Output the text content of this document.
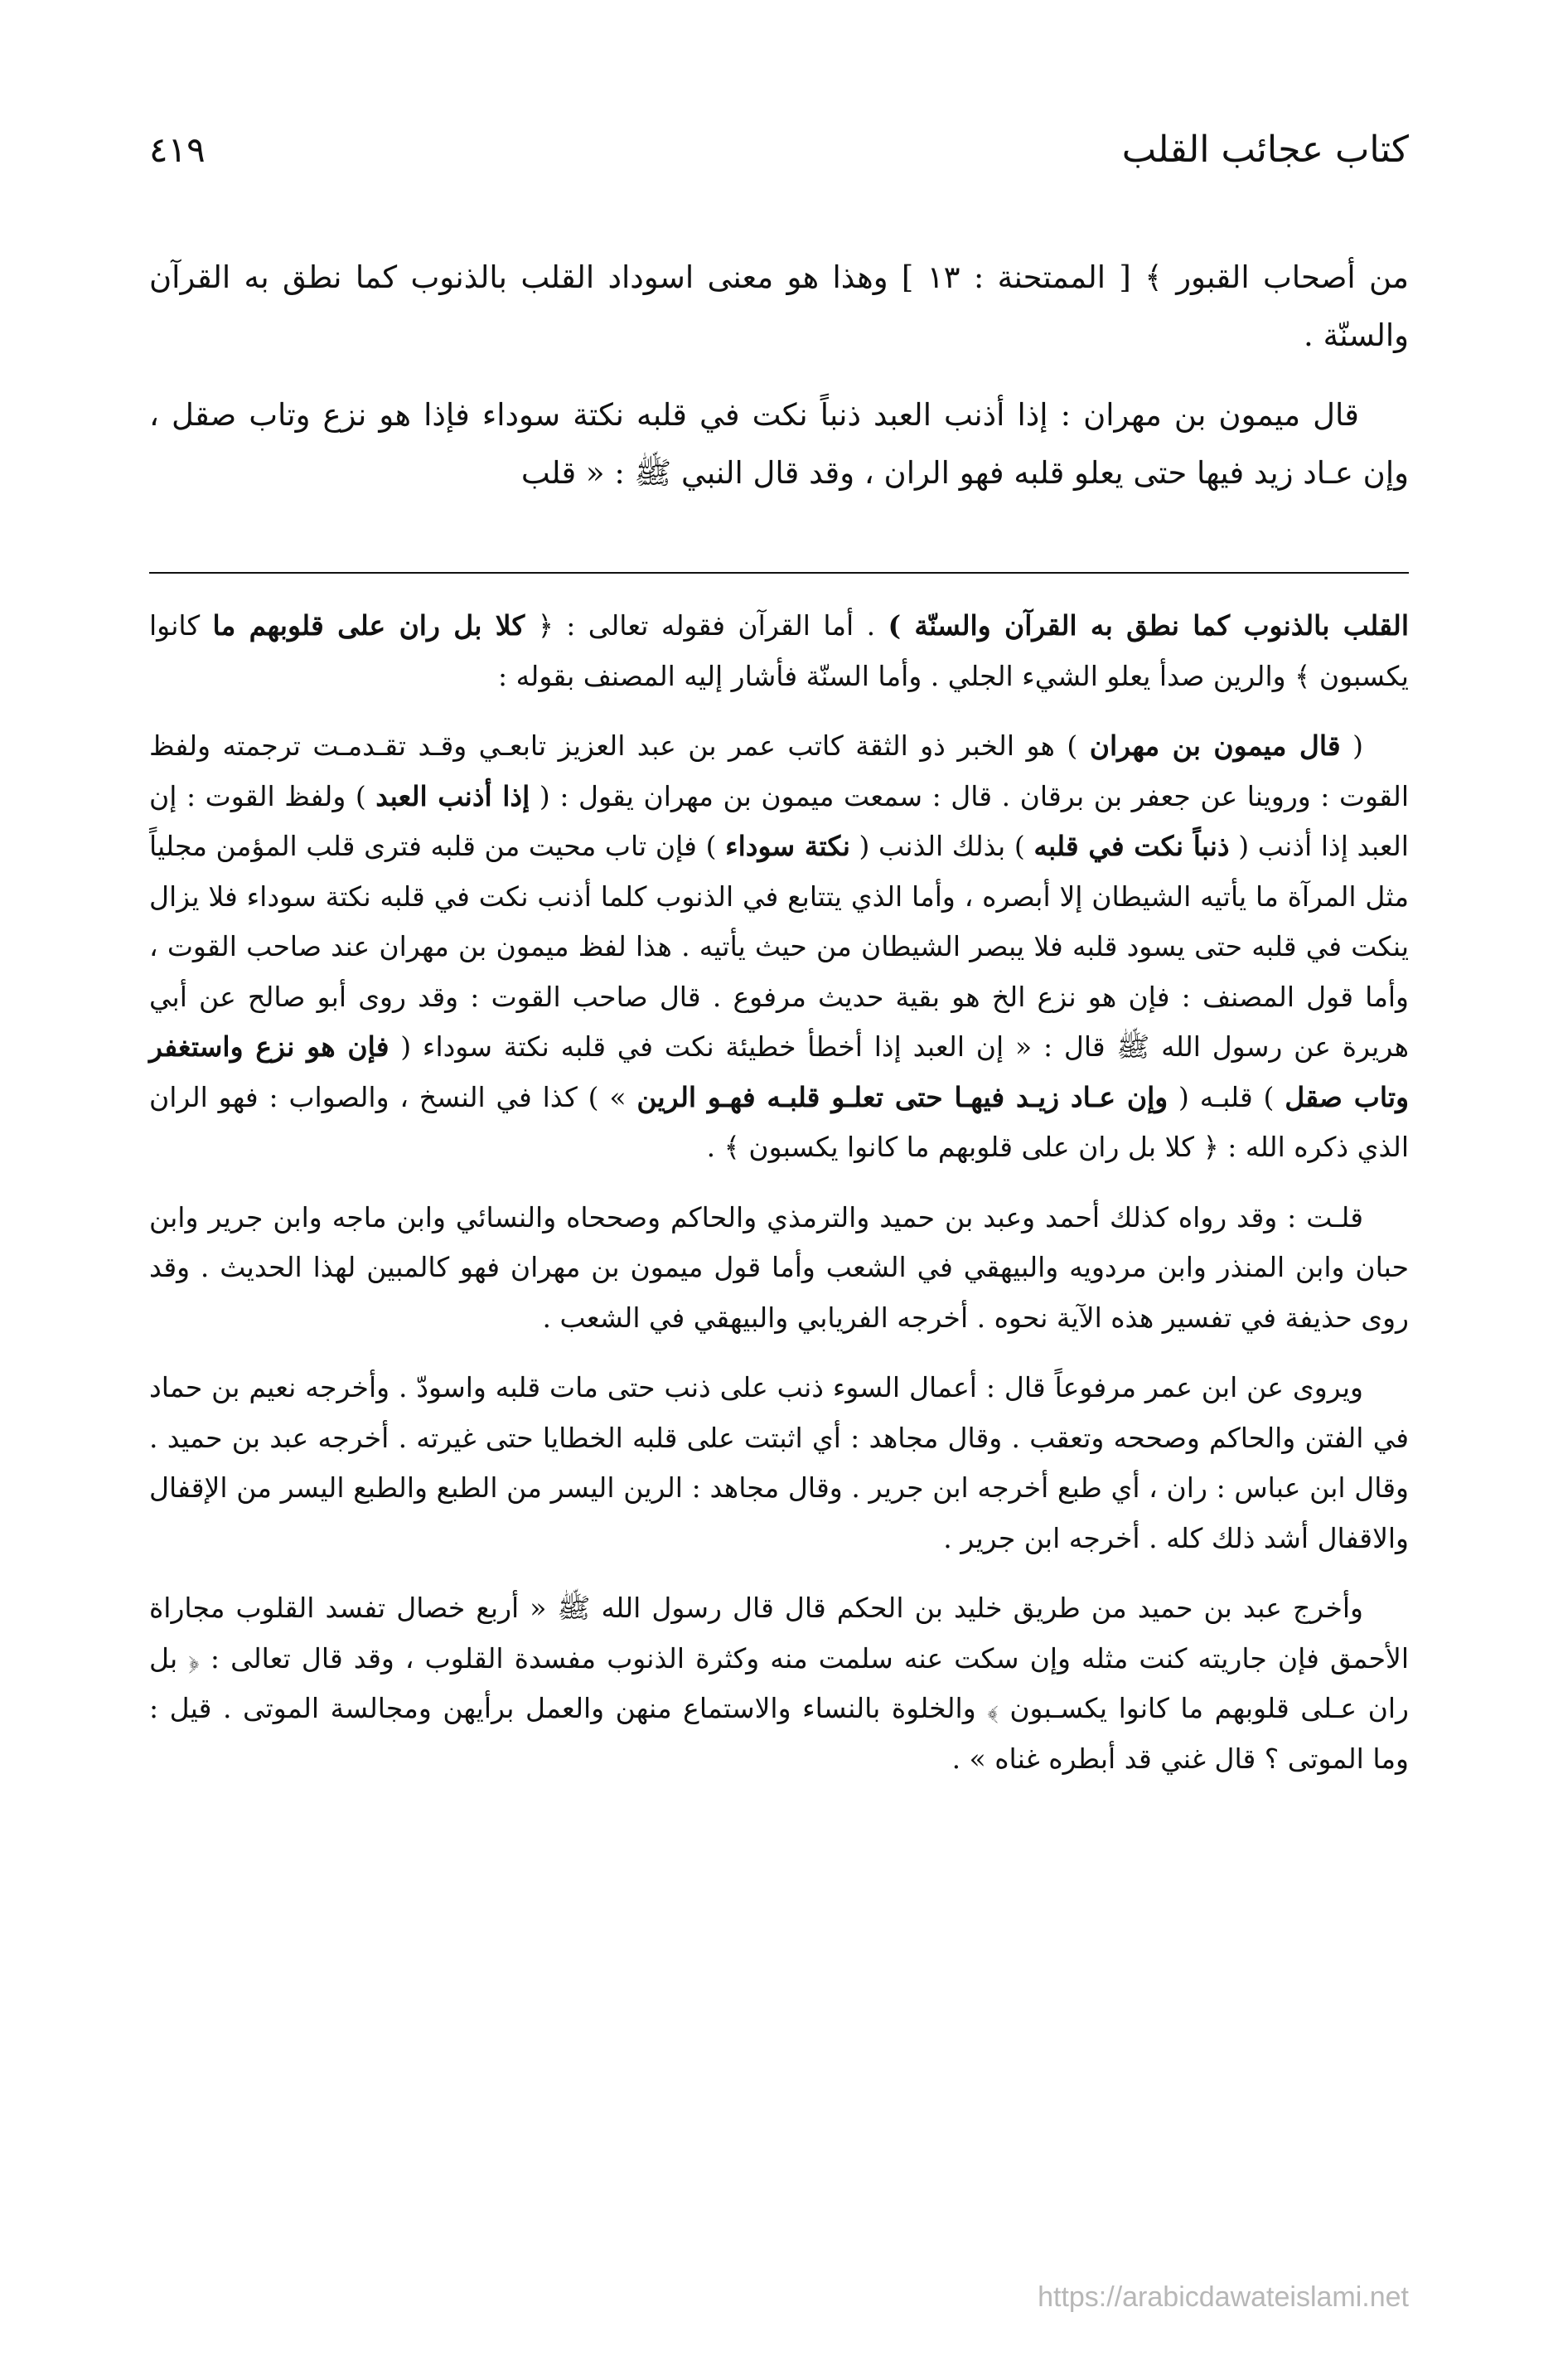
كتاب عجائب القلب
٤١٩

من أصحاب القبور ﴾ [ الممتحنة : ١٣ ] وهذا هو معنى اسوداد القلب بالذنوب كما نطق به القرآن والسنّة .

قال ميمون بن مهران : إذا أذنب العبد ذنباً نكت في قلبه نكتة سوداء فإذا هو نزع وتاب صقل ، وإن عـاد زيد فيها حتى يعلو قلبه فهو الران ، وقد قال النبي ﷺ : « قلب

القلب بالذنوب كما نطق به القرآن والسنّة ) . أما القرآن فقوله تعالى : ﴿ كلا بل ران على قلوبهم ما كانوا يكسبون ﴾ والرين صدأ يعلو الشيء الجلي . وأما السنّة فأشار إليه المصنف بقوله :

( قال ميمون بن مهران ) هو الخبر ذو الثقة كاتب عمر بن عبد العزيز تابعـي وقـد تقـدمـت ترجمته ولفظ القوت : وروينا عن جعفر بن برقان . قال : سمعت ميمون بن مهران يقول : ( إذا أذنب العبد ) ولفظ القوت : إن العبد إذا أذنب ( ذنباً نكت في قلبه ) بذلك الذنب ( نكتة سوداء ) فإن تاب محيت من قلبه فترى قلب المؤمن مجلياً مثل المرآة ما يأتيه الشيطان إلا أبصره ، وأما الذي يتتابع في الذنوب كلما أذنب نكت في قلبه نكتة سوداء فلا يزال ينكت في قلبه حتى يسود قلبه فلا يبصر الشيطان من حيث يأتيه . هذا لفظ ميمون بن مهران عند صاحب القوت ، وأما قول المصنف : فإن هو نزع الخ هو بقية حديث مرفوع . قال صاحب القوت : وقد روى أبو صالح عن أبي هريرة عن رسول الله ﷺ قال : « إن العبد إذا أخطأ خطيئة نكت في قلبه نكتة سوداء ( فإن هو نزع واستغفر وتاب صقل ) قلبـه ( وإن عـاد زيـد فيهـا حتى تعلـو قلبـه فهـو الرين » ) كذا في النسخ ، والصواب : فهو الران الذي ذكره الله : ﴿ كلا بل ران على قلوبهم ما كانوا يكسبون ﴾ .

قلـت : وقد رواه كذلك أحمد وعبد بن حميد والترمذي والحاكم وصححاه والنسائي وابن ماجه وابن جرير وابن حبان وابن المنذر وابن مردويه والبيهقي في الشعب وأما قول ميمون بن مهران فهو كالمبين لهذا الحديث . وقد روى حذيفة في تفسير هذه الآية نحوه . أخرجه الفريابي والبيهقي في الشعب .

ويروى عن ابن عمر مرفوعاً قال : أعمال السوء ذنب على ذنب حتى مات قلبه واسودّ . وأخرجه نعيم بن حماد في الفتن والحاكم وصححه وتعقب . وقال مجاهد : أي اثبتت على قلبه الخطايا حتى غيرته . أخرجه عبد بن حميد . وقال ابن عباس : ران ، أي طبع أخرجه ابن جرير . وقال مجاهد : الرين اليسر من الطبع والطبع اليسر من الإقفال والاقفال أشد ذلك كله . أخرجه ابن جرير .

وأخرج عبد بن حميد من طريق خليد بن الحكم قال قال رسول الله ﷺ « أربع خصال تفسد القلوب مجاراة الأحمق فإن جاريته كنت مثله وإن سكت عنه سلمت منه وكثرة الذنوب مفسدة القلوب ، وقد قال تعالى : ﴿ بل ران عـلى قلوبهم ما كانوا يكسـبون ﴾ والخلوة بالنساء والاستماع منهن والعمل برأيهن ومجالسة الموتى . قيل : وما الموتى ؟ قال غني قد أبطره غناه » .

https://arabicdawateislami.net
